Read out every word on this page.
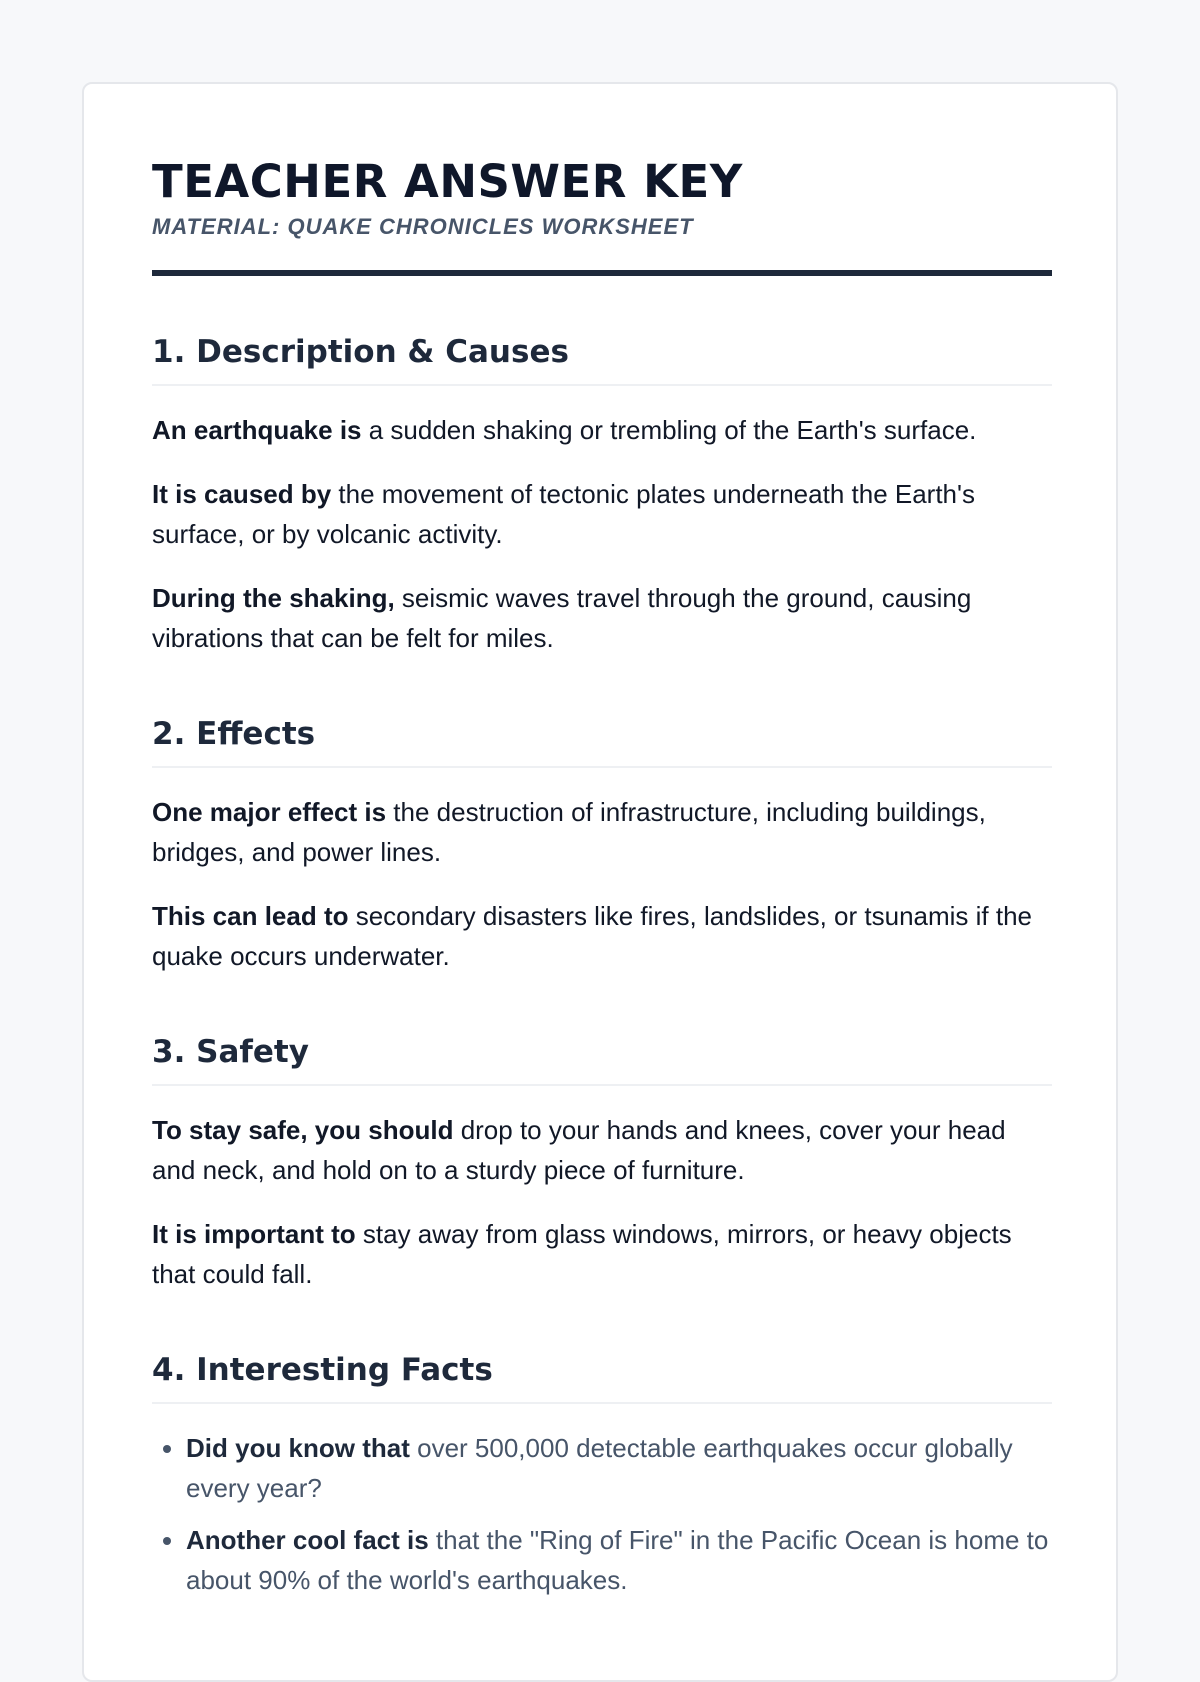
TEACHER ANSWER KEY
MATERIAL: QUAKE CHRONICLES WORKSHEET
1. Description & Causes

An earthquake is a sudden shaking or trembling of the Earth's surface.

It is caused by the movement of tectonic plates underneath the Earth's surface, or by volcanic activity.

During the shaking, seismic waves travel through the ground, causing vibrations that can be felt for miles.

2. Effects

One major effect is the destruction of infrastructure, including buildings, bridges, and power lines.

This can lead to secondary disasters like fires, landslides, or tsunamis if the quake occurs underwater.

3. Safety

To stay safe, you should drop to your hands and knees, cover your head and neck, and hold on to a sturdy piece of furniture.

It is important to stay away from glass windows, mirrors, or heavy objects that could fall.

4. Interesting Facts
• Did you know that over 500,000 detectable earthquakes occur globally every year?
• Another cool fact is that the "Ring of Fire" in the Pacific Ocean is home to about 90% of the world's earthquakes.
